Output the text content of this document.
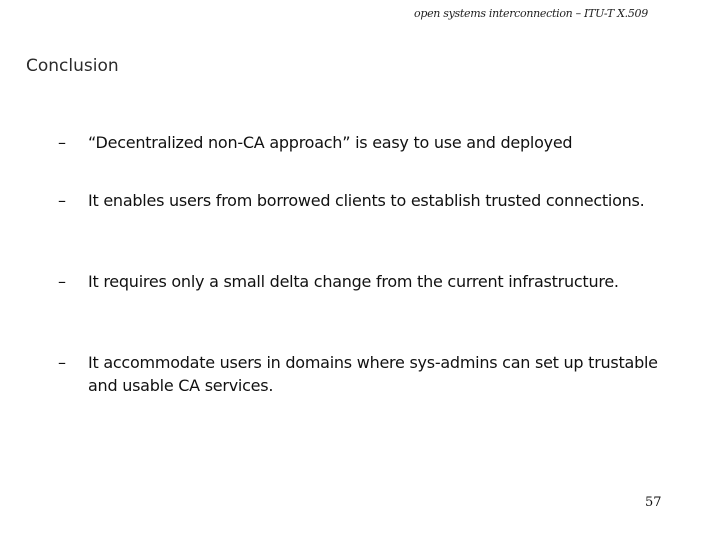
open systems interconnection – ITU-T X.509
Conclusion
–	“Decentralized non-CA approach” is easy to use and deployed
–	It enables users from borrowed clients to establish trusted connections.
–	It requires only a small delta change from the current infrastructure.
–	It accommodate users in domains where sys-admins can set up trustable and usable CA services.
57
